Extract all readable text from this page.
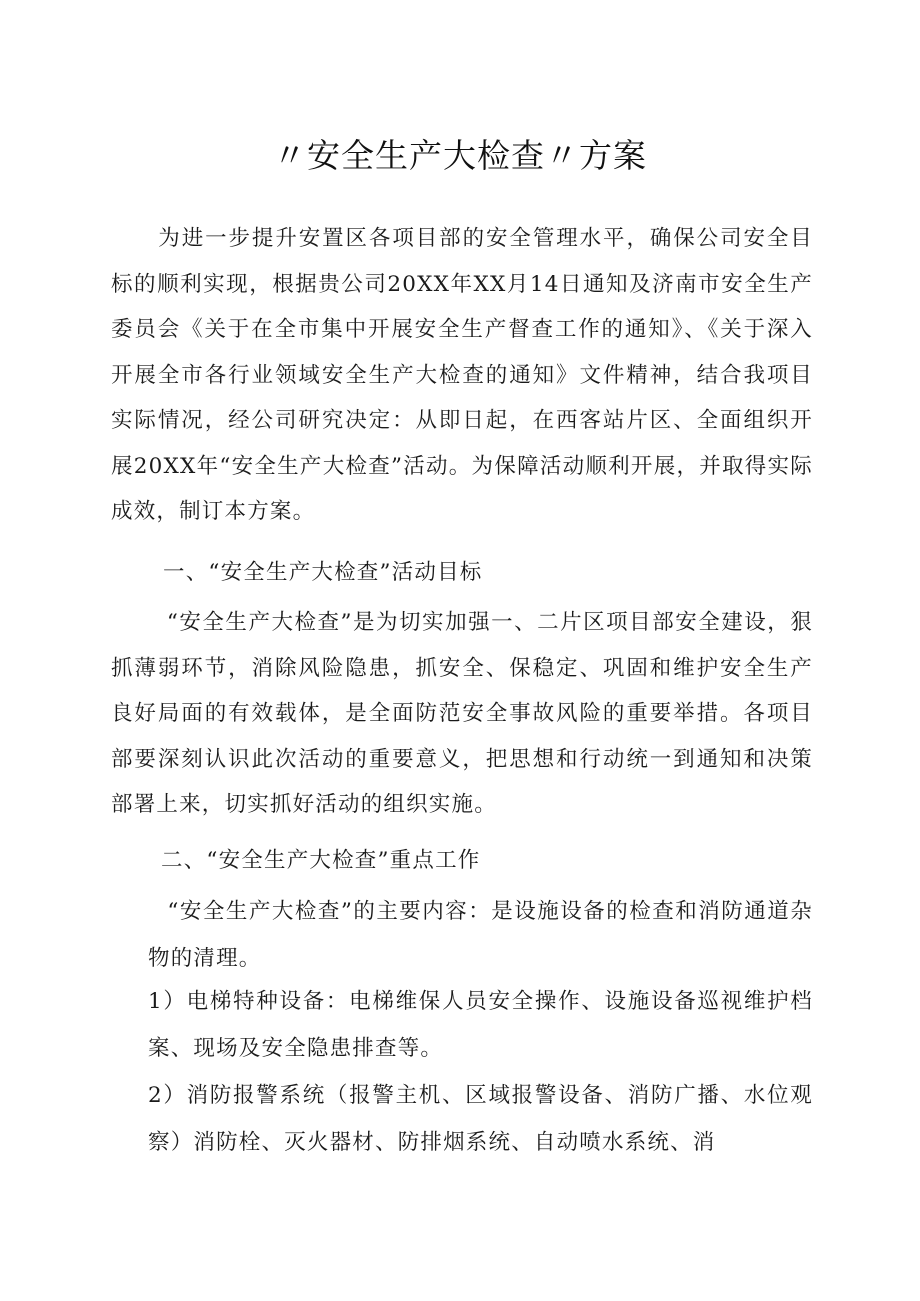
〃安全生产大检查〃方案

为进一步提升安置区各项目部的安全管理水平，确保公司安全目标的顺利实现，根据贵公司20XX年XX月14日通知及济南市安全生产委员会《关于在全市集中开展安全生产督查工作的通知》、《关于深入开展全市各行业领域安全生产大检查的通知》文件精神，结合我项目实际情况，经公司研究决定：从即日起，在西客站片区、全面组织开展20XX年“安全生产大检查”活动。为保障活动顺利开展，并取得实际成效，制订本方案。

一、“安全生产大检查”活动目标

“安全生产大检查”是为切实加强一、二片区项目部安全建设，狠抓薄弱环节，消除风险隐患，抓安全、保稳定、巩固和维护安全生产良好局面的有效载体，是全面防范安全事故风险的重要举措。各项目部要深刻认识此次活动的重要意义，把思想和行动统一到通知和决策部署上来，切实抓好活动的组织实施。

二、“安全生产大检查”重点工作

“安全生产大检查”的主要内容：是设施设备的检查和消防通道杂物的清理。

1）电梯特种设备：电梯维保人员安全操作、设施设备巡视维护档案、现场及安全隐患排查等。

2）消防报警系统（报警主机、区域报警设备、消防广播、水位观察）消防栓、灭火器材、防排烟系统、自动喷水系统、消
